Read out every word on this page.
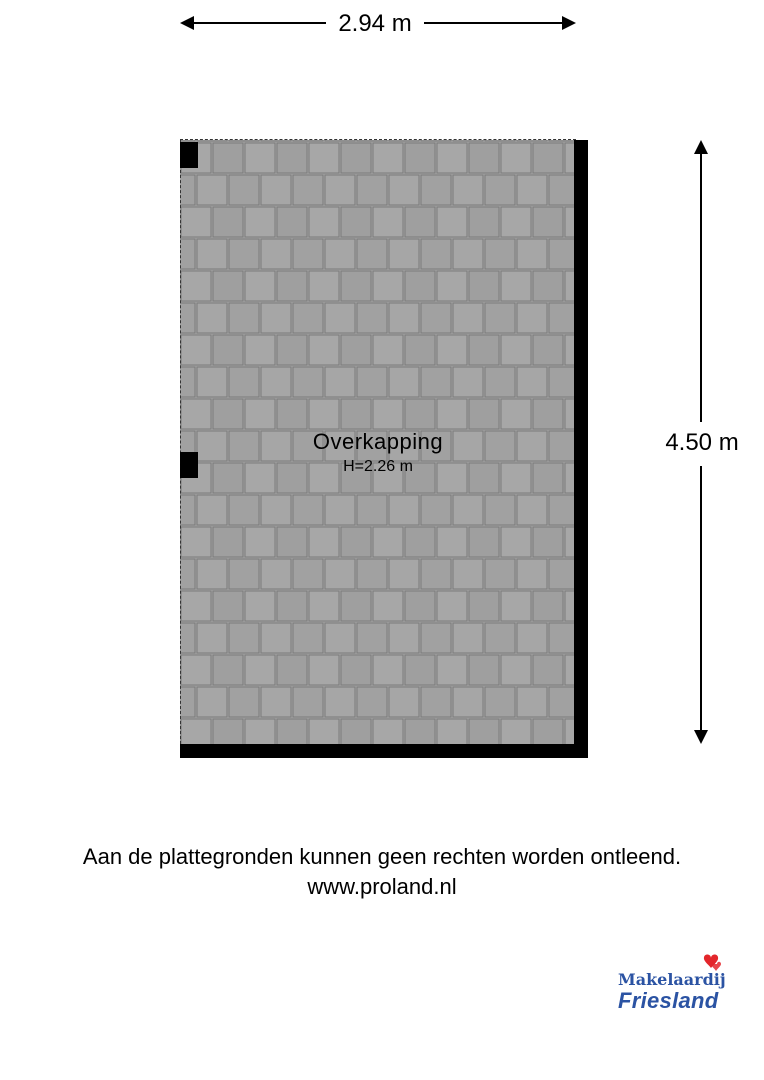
2.94 m
4.50 m
Overkapping
H=2.26 m
Aan de plattegronden kunnen geen rechten worden ontleend.
www.proland.nl
Makelaardij
Friesland
